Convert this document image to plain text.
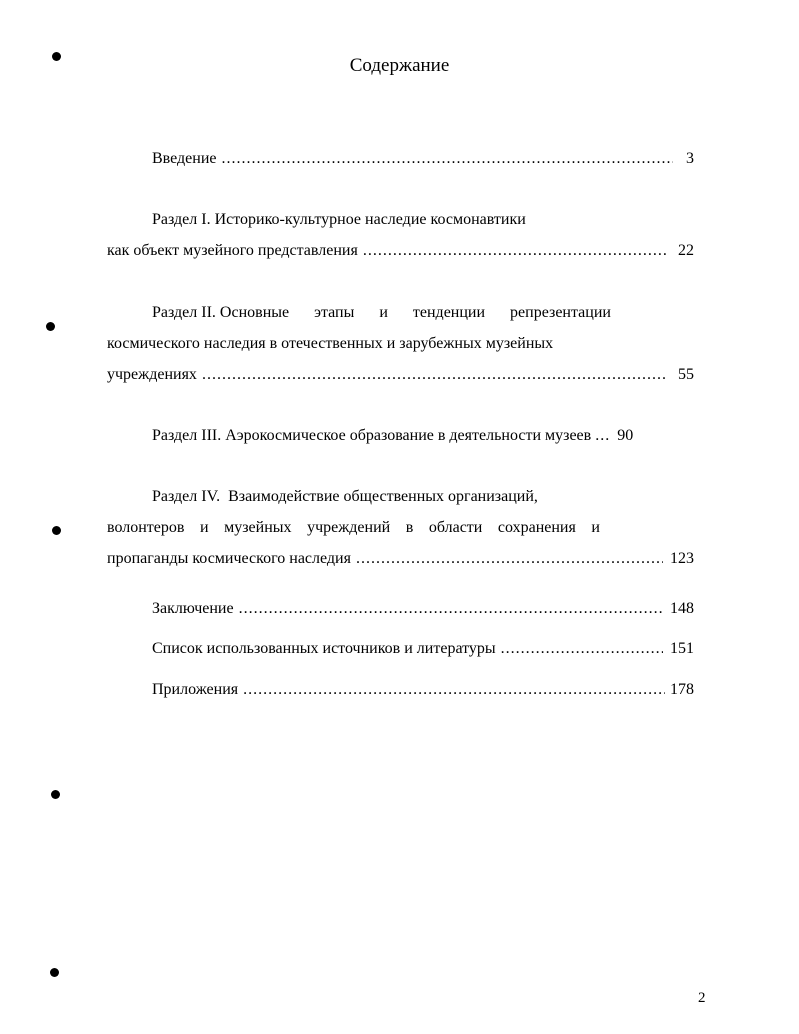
Содержание
Введение .....	3
Раздел I. Историко-культурное наследие космонавтики
как объект музейного представления .....	22
Раздел II. Основные этапы и тенденции репрезентации
космического наследия в отечественных и зарубежных музейных
учреждениях .....	55
Раздел III. Аэрокосмическое образование в деятельности музеев ..... 90
Раздел IV.  Взаимодействие общественных организаций,
волонтеров и музейных учреждений в области сохранения и
пропаганды космического наследия .....	123
Заключение .....	148
Список использованных источников и литературы .....	151
Приложения .....	178
2
